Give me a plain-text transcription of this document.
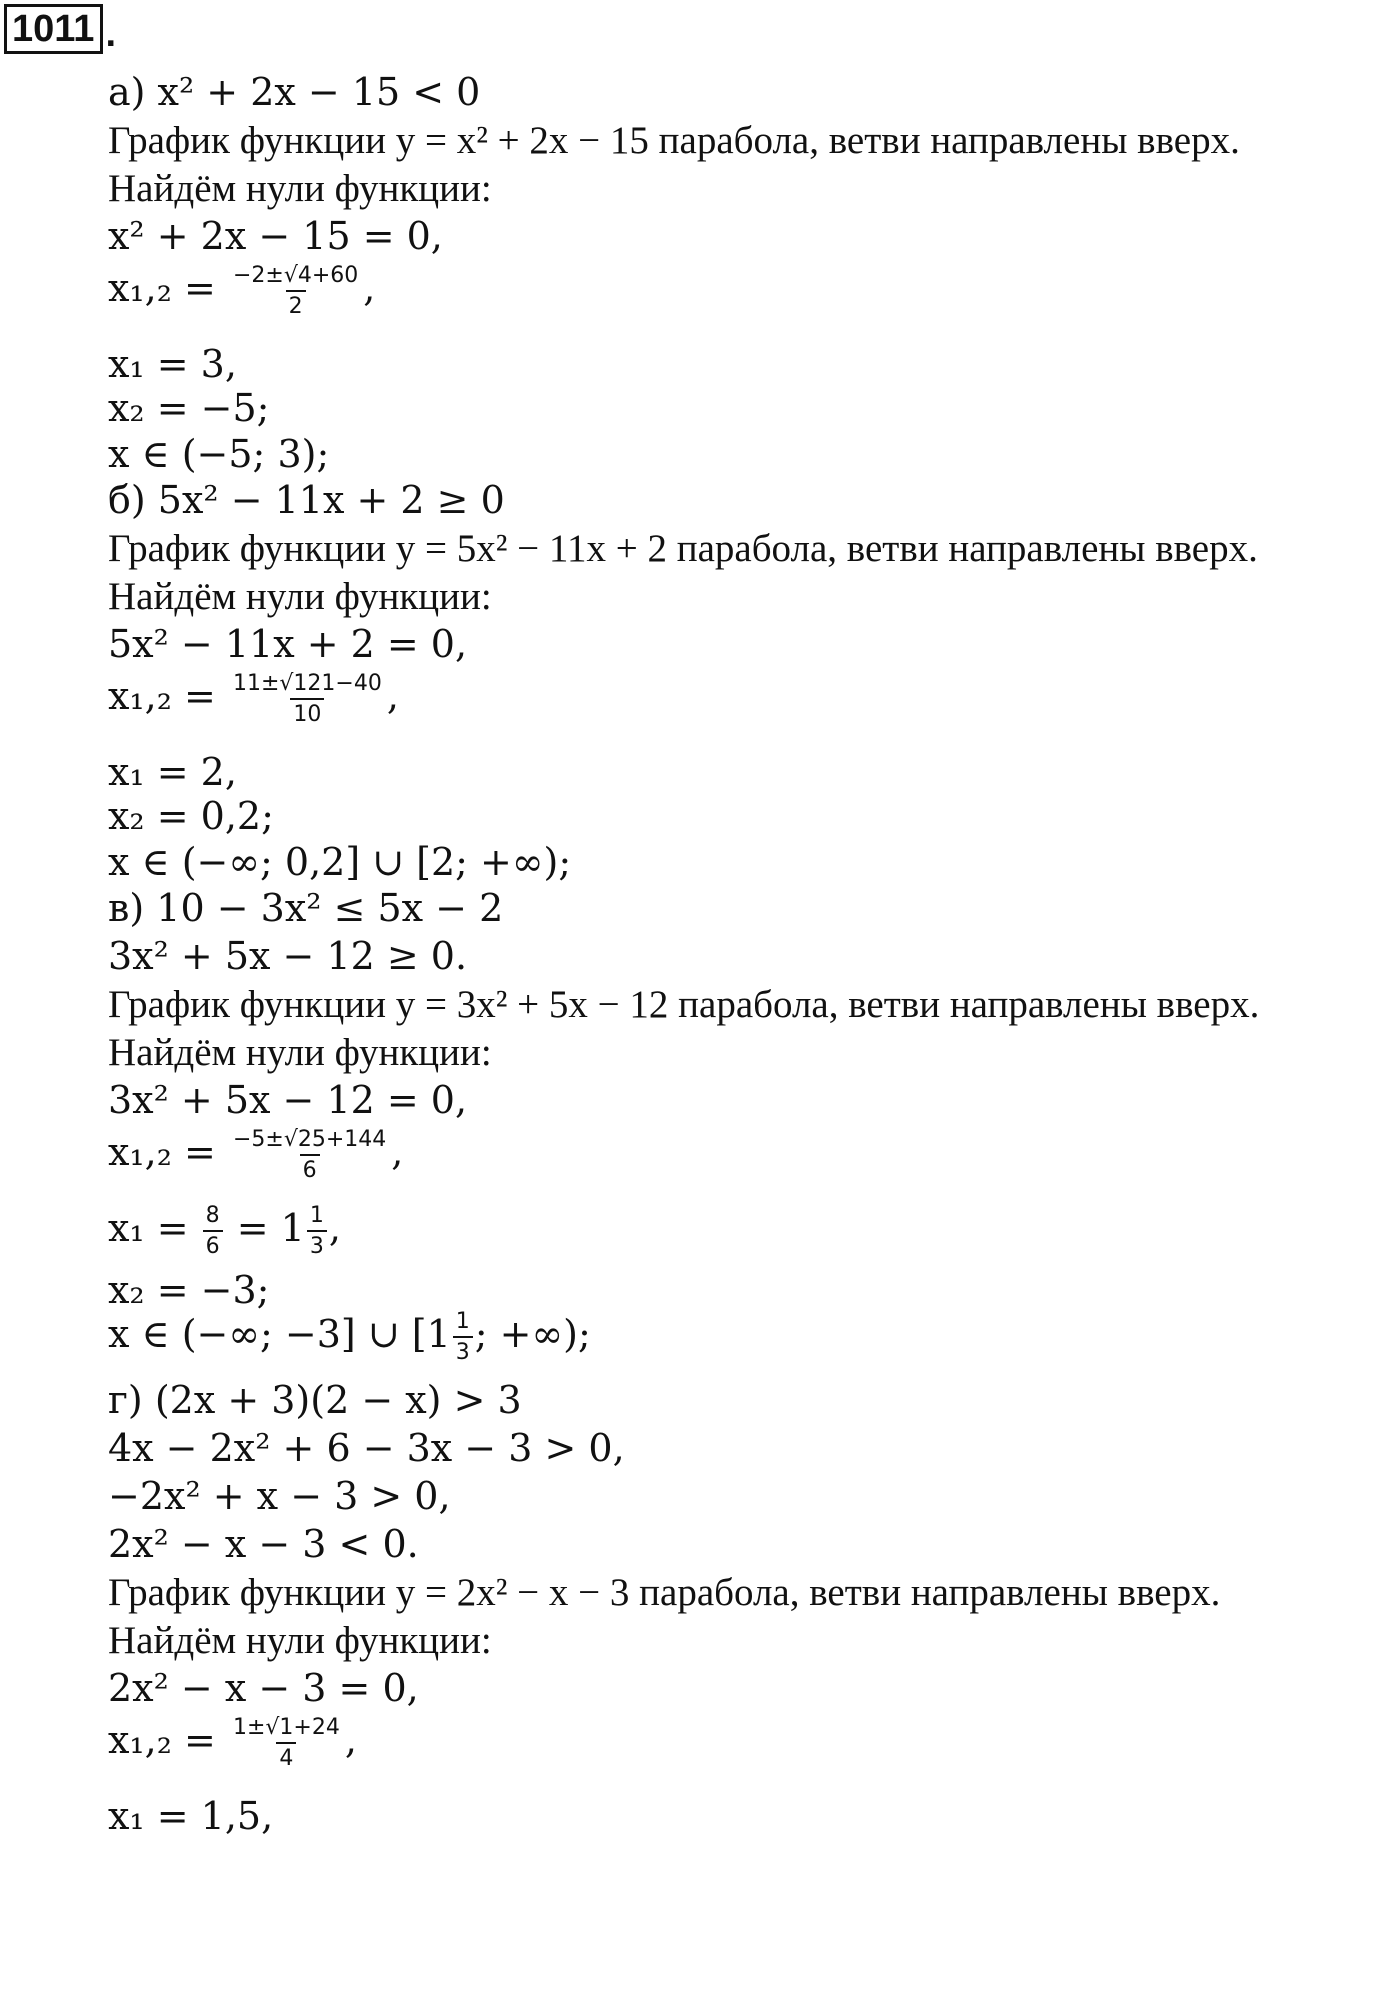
1011 .
а) x² + 2x − 15 < 0
График функции y = x² + 2x − 15 парабола, ветви направлены вверх.
Найдём нули функции:
x² + 2x − 15 = 0,
$x_1,_2 = \frac{-2\pm√4+60}{2}$ ,
x₁ = 3,
x₂ = −5;
x ∈ (−5; 3);
б) 5x² − 11x + 2 ≥ 0
График функции y = 5x² − 11x + 2 парабола, ветви направлены вверх.
Найдём нули функции:
5x² − 11x + 2 = 0,
$x_1,_2 = \frac{11\pm√121-40}{10}$ ,
x₁ = 2,
x₂ = 0,2;
x ∈ (−∞; 0,2] ∪ [2; +∞);
в) 10 − 3x² ≤ 5x − 2
3x² + 5x − 12 ≥ 0.
График функции y = 3x² + 5x − 12 парабола, ветви направлены вверх.
Найдём нули функции:
3x² + 5x − 12 = 0,
$x_1,_2 = \frac{-5\pm√25+144}{6}$ ,
$x_1 = \frac{8}{6} = 1 \frac{1}{3}$ ,
x₂ = −3;
x ∈ (−∞; −3] ∪ [$1 \frac{1}{3}$ ; +∞);
г) (2x + 3)(2 − x) > 3
4x − 2x² + 6 − 3x − 3 > 0,
−2x² + x − 3 > 0,
2x² − x − 3 < 0.
График функции y = 2x² − x − 3 парабола, ветви направлены вверх.
Найдём нули функции:
2x² − x − 3 = 0,
$x_1,_2 = \frac{1\pm√1+24}{4}$ ,
x₁ = 1,5,
